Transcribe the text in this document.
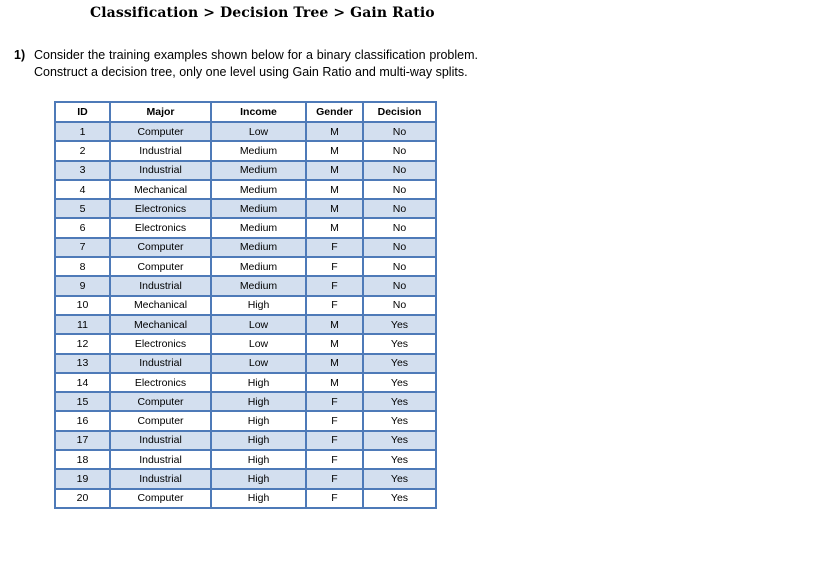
Classification > Decision Tree > Gain Ratio
1) Consider the training examples shown below for a binary classification problem. Construct a decision tree, only one level using Gain Ratio and multi-way splits.
ID	Major	Income	Gender	Decision
1	Computer	Low	M	No
2	Industrial	Medium	M	No
3	Industrial	Medium	M	No
4	Mechanical	Medium	M	No
5	Electronics	Medium	M	No
6	Electronics	Medium	M	No
7	Computer	Medium	F	No
8	Computer	Medium	F	No
9	Industrial	Medium	F	No
10	Mechanical	High	F	No
11	Mechanical	Low	M	Yes
12	Electronics	Low	M	Yes
13	Industrial	Low	M	Yes
14	Electronics	High	M	Yes
15	Computer	High	F	Yes
16	Computer	High	F	Yes
17	Industrial	High	F	Yes
18	Industrial	High	F	Yes
19	Industrial	High	F	Yes
20	Computer	High	F	Yes
